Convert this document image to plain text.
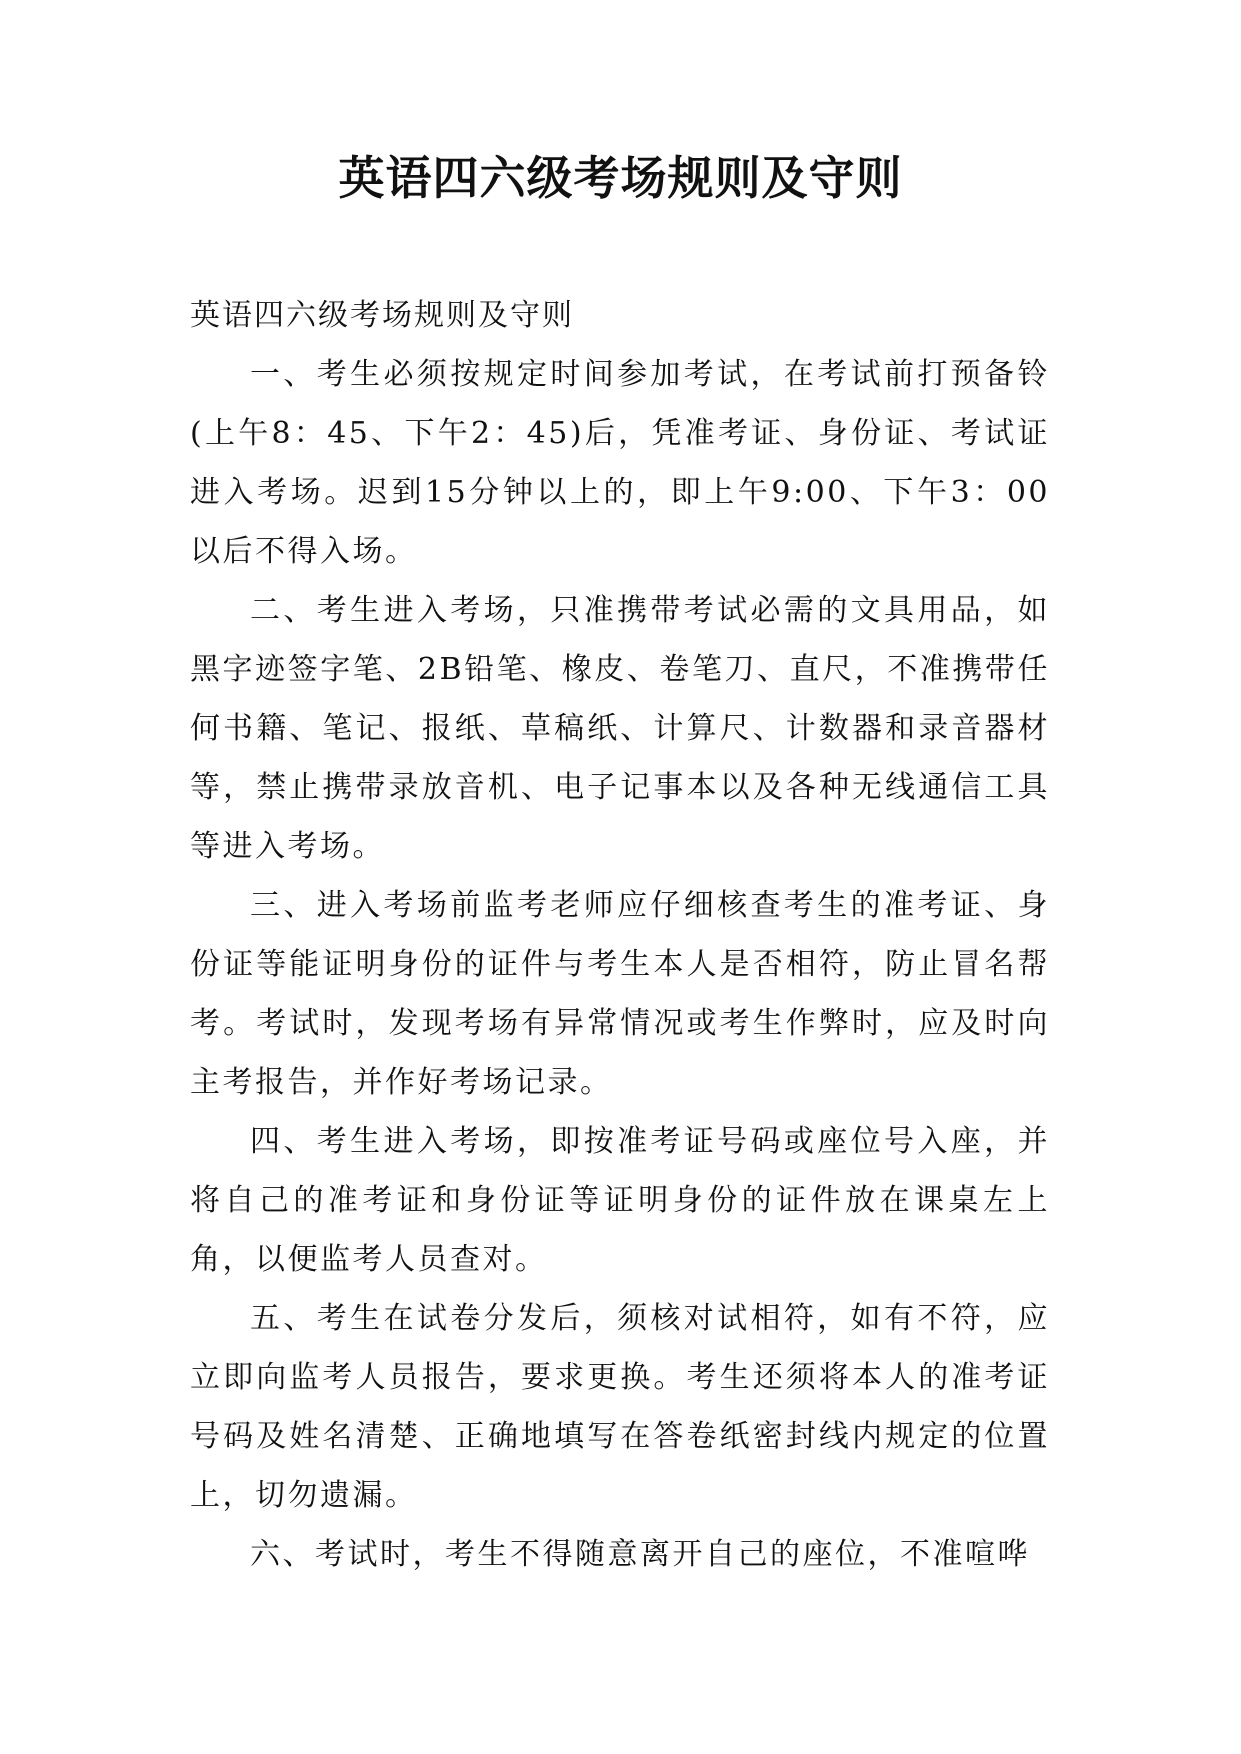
英语四六级考场规则及守则

英语四六级考场规则及守则

一、考生必须按规定时间参加考试，在考试前打预备铃(上午8：45、下午2：45)后，凭准考证、身份证、考试证进入考场。迟到15分钟以上的，即上午9:00、下午3：00以后不得入场。

二、考生进入考场，只准携带考试必需的文具用品，如黑字迹签字笔、2B铅笔、橡皮、卷笔刀、直尺，不准携带任何书籍、笔记、报纸、草稿纸、计算尺、计数器和录音器材等，禁止携带录放音机、电子记事本以及各种无线通信工具等进入考场。

三、进入考场前监考老师应仔细核查考生的准考证、身份证等能证明身份的证件与考生本人是否相符，防止冒名帮考。考试时，发现考场有异常情况或考生作弊时，应及时向主考报告，并作好考场记录。

四、考生进入考场，即按准考证号码或座位号入座，并将自己的准考证和身份证等证明身份的证件放在课桌左上角，以便监考人员查对。

五、考生在试卷分发后，须核对试相符，如有不符，应立即向监考人员报告，要求更换。考生还须将本人的准考证号码及姓名清楚、正确地填写在答卷纸密封线内规定的位置上，切勿遗漏。

六、考试时，考生不得随意离开自己的座位，不准喧哗
